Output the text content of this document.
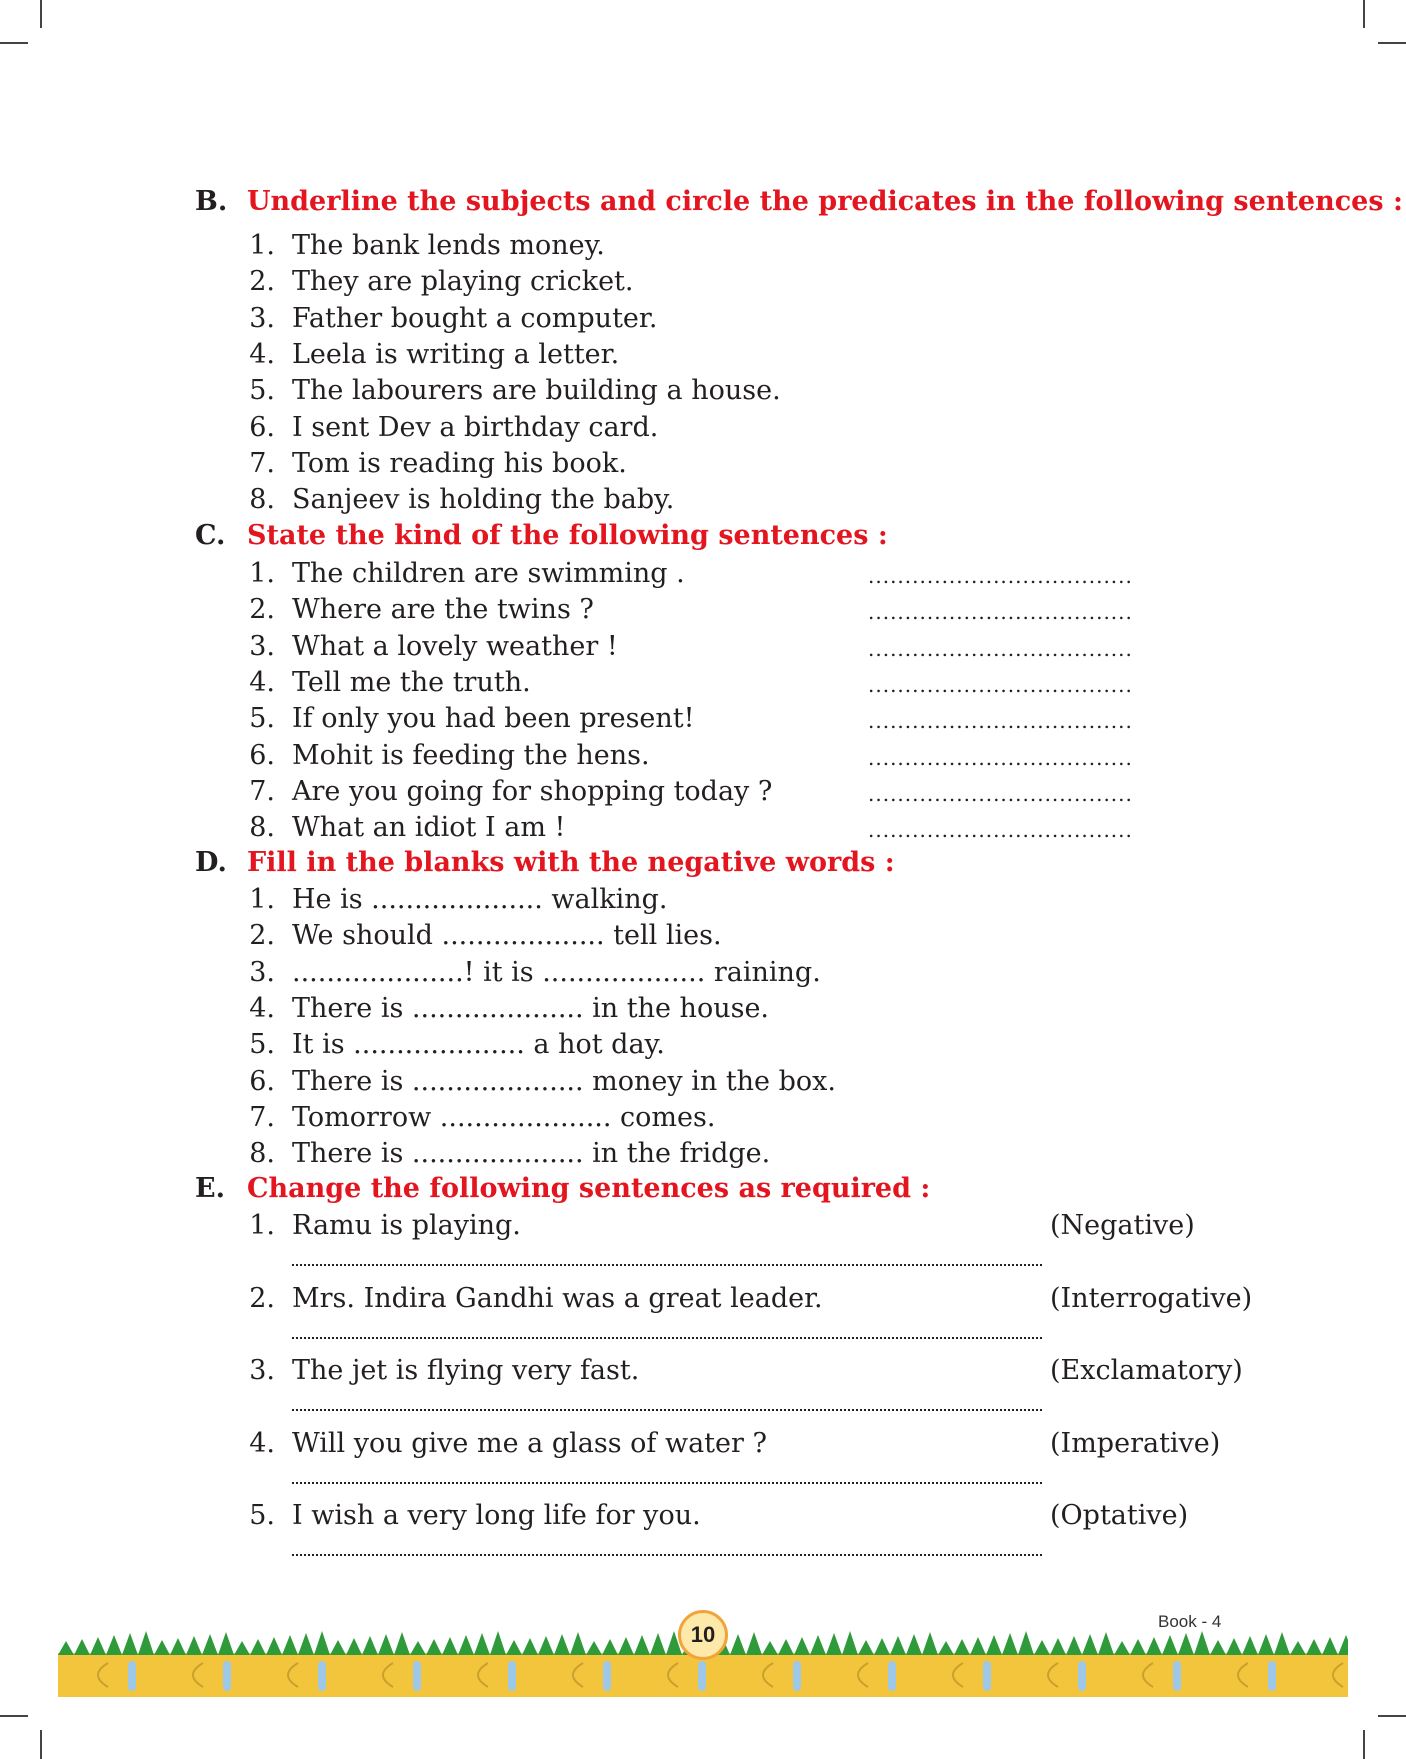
B. Underline the subjects and circle the predicates in the following sentences :
1. The bank lends money.
2. They are playing cricket.
3. Father bought a computer.
4. Leela is writing a letter.
5. The labourers are building a house.
6. I sent Dev a birthday card.
7. Tom is reading his book.
8. Sanjeev is holding the baby.
C. State the kind of the following sentences :
1. The children are swimming .	....................................
2. Where are the twins ?	....................................
3. What a lovely weather !	....................................
4. Tell me the truth.	....................................
5. If only you had been present!	....................................
6. Mohit is feeding the hens.	....................................
7. Are you going for shopping today ?	....................................
8. What an idiot I am !	....................................
D. Fill in the blanks with the negative words :
1. He is .................... walking.
2. We should ................... tell lies.
3. ....................! it is ................... raining.
4. There is .................... in the house.
5. It is .................... a hot day.
6. There is .................... money in the box.
7. Tomorrow .................... comes.
8. There is .................... in the fridge.
E. Change the following sentences as required :
1. Ramu is playing.	(Negative)
2. Mrs. Indira Gandhi was a great leader.	(Interrogative)
3. The jet is flying very fast.	(Exclamatory)
4. Will you give me a glass of water ?	(Imperative)
5. I wish a very long life for you.	(Optative)
10
Book - 4
